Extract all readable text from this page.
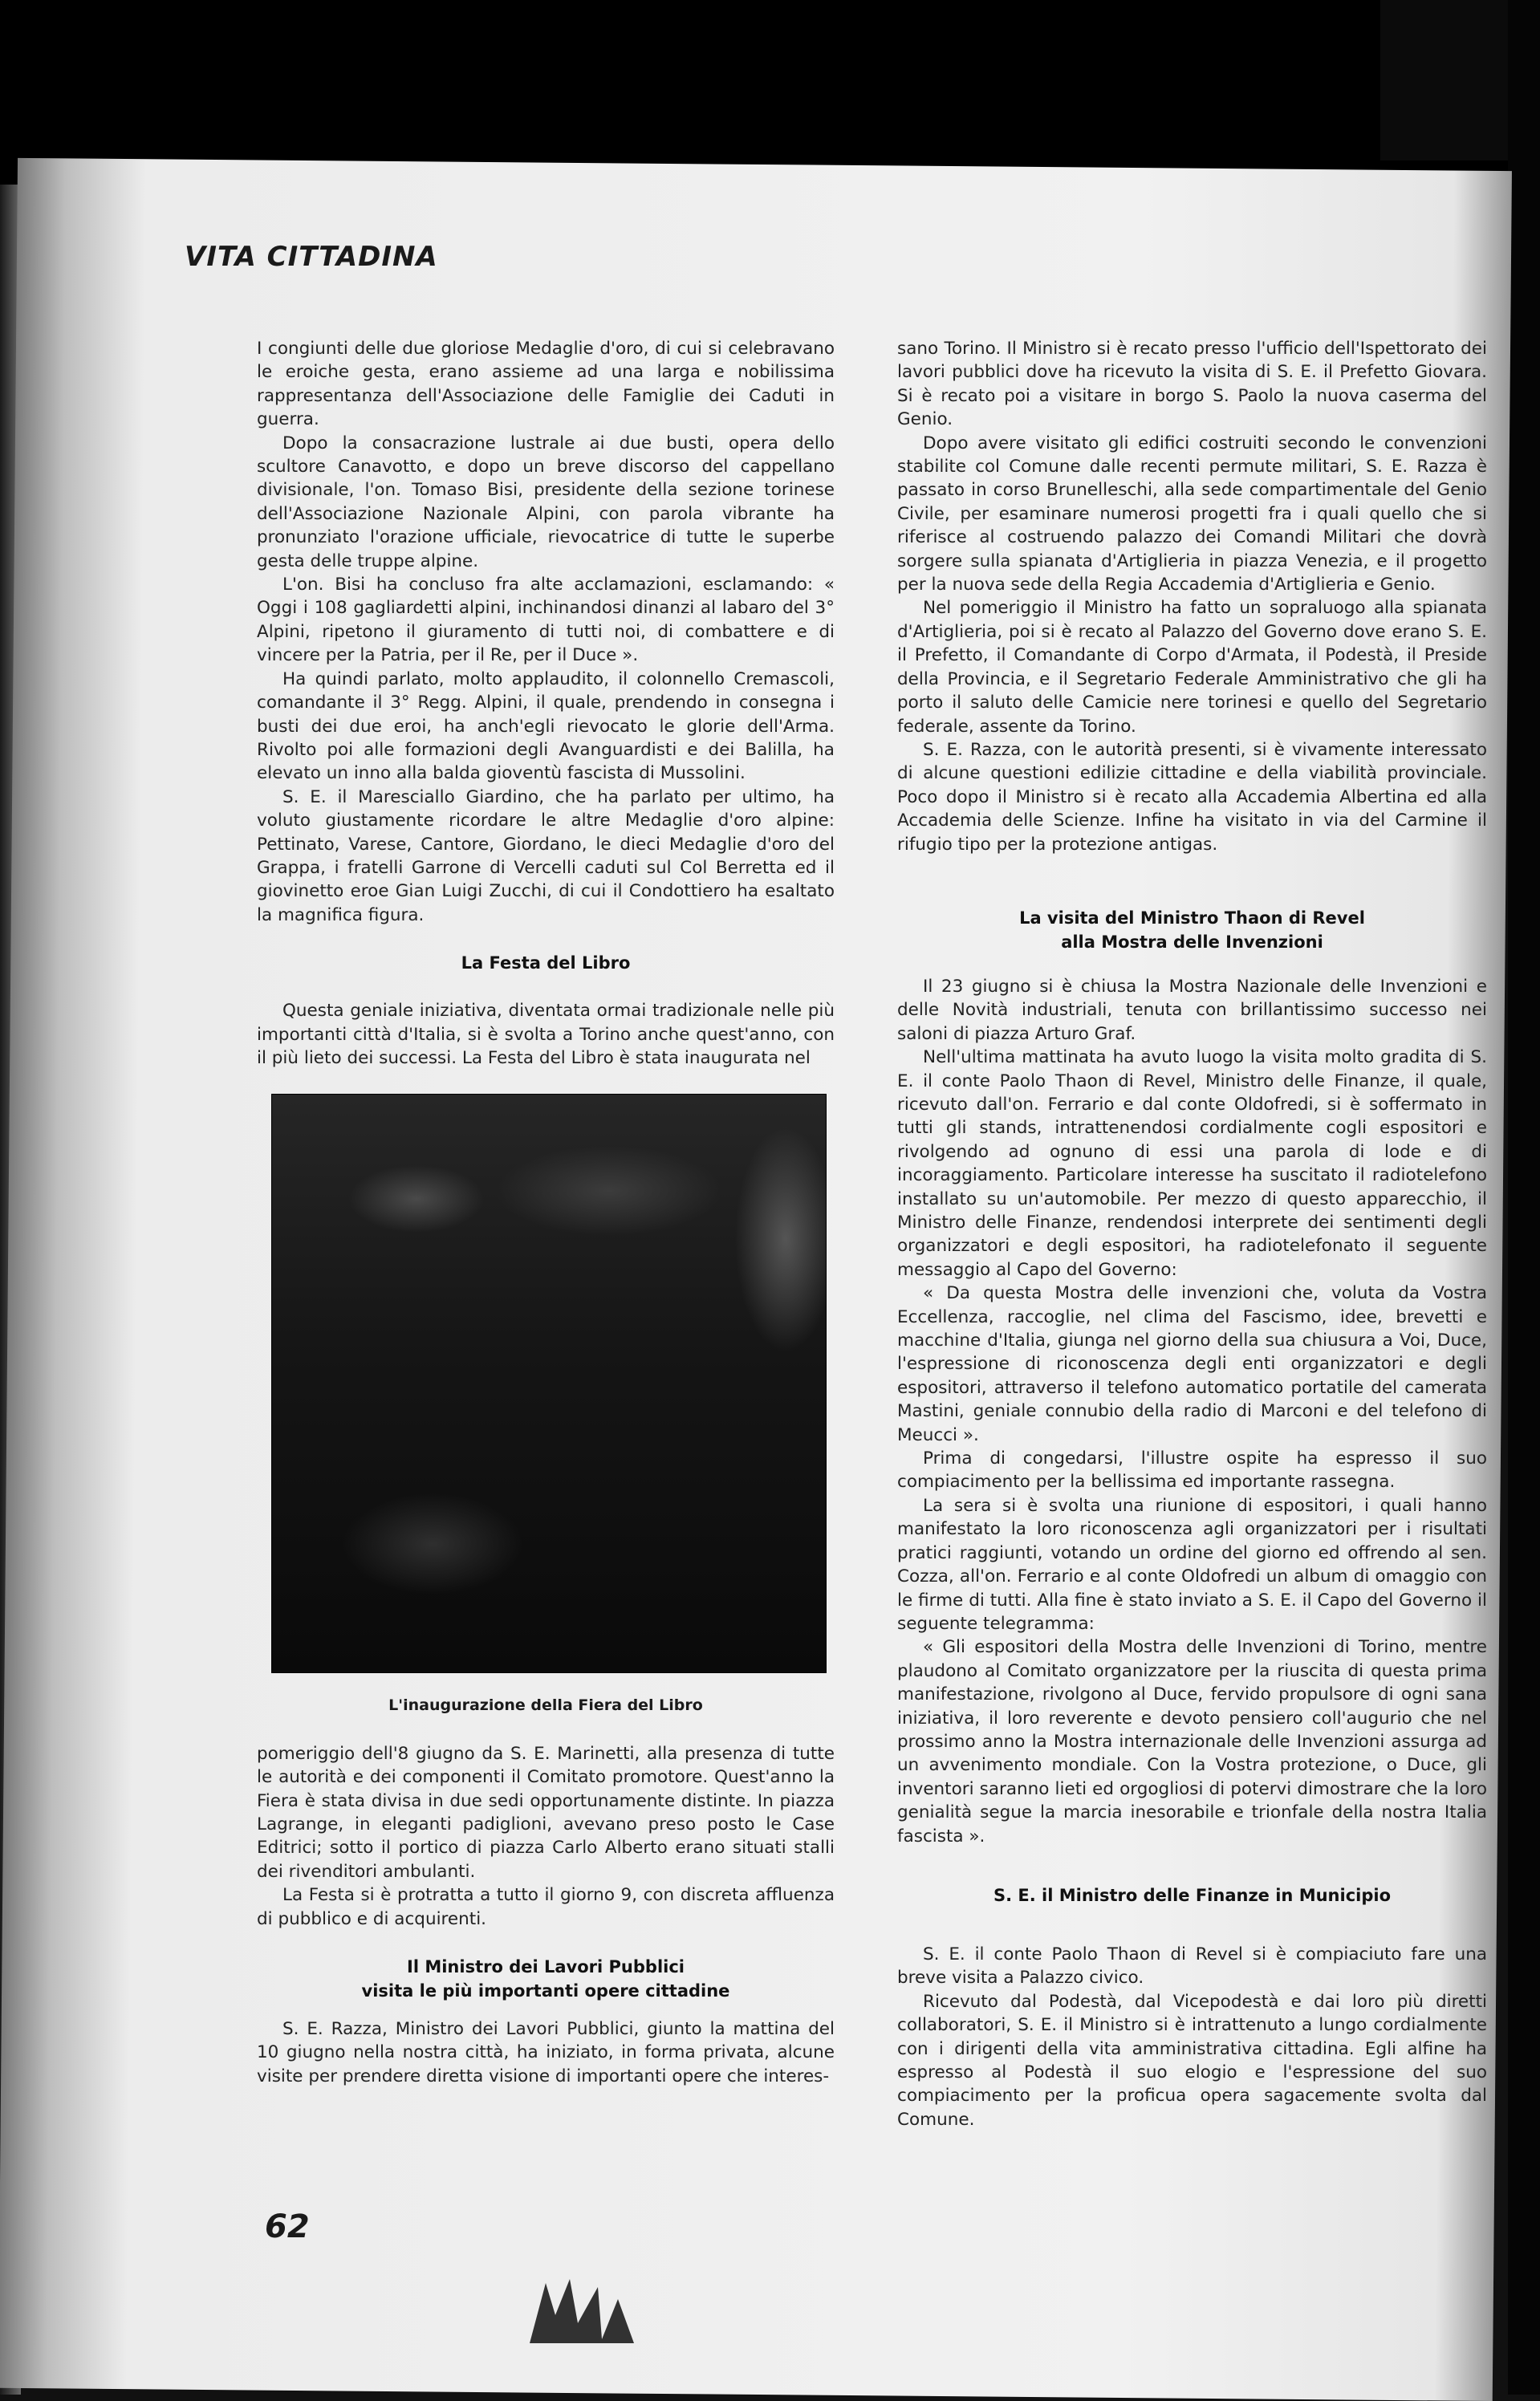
VITA CITTADINA

I congiunti delle due gloriose Medaglie d'oro, di cui si celebravano le eroiche gesta, erano assieme ad una larga e nobilissima rappresentanza dell'Associazione delle Famiglie dei Caduti in guerra.

Dopo la consacrazione lustrale ai due busti, opera dello scultore Canavotto, e dopo un breve discorso del cappellano divisionale, l'on. Tomaso Bisi, presidente della sezione torinese dell'Associazione Nazionale Alpini, con parola vibrante ha pronunziato l'orazione ufficiale, rievocatrice di tutte le superbe gesta delle truppe alpine.

L'on. Bisi ha concluso fra alte acclamazioni, esclamando: « Oggi i 108 gagliardetti alpini, inchinandosi dinanzi al labaro del 3° Alpini, ripetono il giuramento di tutti noi, di combattere e di vincere per la Patria, per il Re, per il Duce ».

Ha quindi parlato, molto applaudito, il colonnello Cremascoli, comandante il 3° Regg. Alpini, il quale, prendendo in consegna i busti dei due eroi, ha anch'egli rievocato le glorie dell'Arma. Rivolto poi alle formazioni degli Avanguardisti e dei Balilla, ha elevato un inno alla balda gioventù fascista di Mussolini.

S. E. il Maresciallo Giardino, che ha parlato per ultimo, ha voluto giustamente ricordare le altre Medaglie d'oro alpine: Pettinato, Varese, Cantore, Giordano, le dieci Medaglie d'oro del Grappa, i fratelli Garrone di Vercelli caduti sul Col Berretta ed il giovinetto eroe Gian Luigi Zucchi, di cui il Condottiero ha esaltato la magnifica figura.

La Festa del Libro

Questa geniale iniziativa, diventata ormai tradizionale nelle più importanti città d'Italia, si è svolta a Torino anche quest'anno, con il più lieto dei successi. La Festa del Libro è stata inaugurata nel

L'inaugurazione della Fiera del Libro

pomeriggio dell'8 giugno da S. E. Marinetti, alla presenza di tutte le autorità e dei componenti il Comitato promotore. Quest'anno la Fiera è stata divisa in due sedi opportunamente distinte. In piazza Lagrange, in eleganti padiglioni, avevano preso posto le Case Editrici; sotto il portico di piazza Carlo Alberto erano situati stalli dei rivenditori ambulanti.

La Festa si è protratta a tutto il giorno 9, con discreta affluenza di pubblico e di acquirenti.

Il Ministro dei Lavori Pubblici
visita le più importanti opere cittadine

S. E. Razza, Ministro dei Lavori Pubblici, giunto la mattina del 10 giugno nella nostra città, ha iniziato, in forma privata, alcune visite per prendere diretta visione di importanti opere che interes-

sano Torino. Il Ministro si è recato presso l'ufficio dell'Ispettorato dei lavori pubblici dove ha ricevuto la visita di S. E. il Prefetto Giovara. Si è recato poi a visitare in borgo S. Paolo la nuova caserma del Genio.

Dopo avere visitato gli edifici costruiti secondo le convenzioni stabilite col Comune dalle recenti permute militari, S. E. Razza è passato in corso Brunelleschi, alla sede compartimentale del Genio Civile, per esaminare numerosi progetti fra i quali quello che si riferisce al costruendo palazzo dei Comandi Militari che dovrà sorgere sulla spianata d'Artiglieria in piazza Venezia, e il progetto per la nuova sede della Regia Accademia d'Artiglieria e Genio.

Nel pomeriggio il Ministro ha fatto un sopraluogo alla spianata d'Artiglieria, poi si è recato al Palazzo del Governo dove erano S. E. il Prefetto, il Comandante di Corpo d'Armata, il Podestà, il Preside della Provincia, e il Segretario Federale Amministrativo che gli ha porto il saluto delle Camicie nere torinesi e quello del Segretario federale, assente da Torino.

S. E. Razza, con le autorità presenti, si è vivamente interessato di alcune questioni edilizie cittadine e della viabilità provinciale. Poco dopo il Ministro si è recato alla Accademia Albertina ed alla Accademia delle Scienze. Infine ha visitato in via del Carmine il rifugio tipo per la protezione antigas.

La visita del Ministro Thaon di Revel
alla Mostra delle Invenzioni

Il 23 giugno si è chiusa la Mostra Nazionale delle Invenzioni e delle Novità industriali, tenuta con brillantissimo successo nei saloni di piazza Arturo Graf.

Nell'ultima mattinata ha avuto luogo la visita molto gradita di S. E. il conte Paolo Thaon di Revel, Ministro delle Finanze, il quale, ricevuto dall'on. Ferrario e dal conte Oldofredi, si è soffermato in tutti gli stands, intrattenendosi cordialmente cogli espositori e rivolgendo ad ognuno di essi una parola di lode e di incoraggiamento. Particolare interesse ha suscitato il radiotelefono installato su un'automobile. Per mezzo di questo apparecchio, il Ministro delle Finanze, rendendosi interprete dei sentimenti degli organizzatori e degli espositori, ha radiotelefonato il seguente messaggio al Capo del Governo:

« Da questa Mostra delle invenzioni che, voluta da Vostra Eccellenza, raccoglie, nel clima del Fascismo, idee, brevetti e macchine d'Italia, giunga nel giorno della sua chiusura a Voi, Duce, l'espressione di riconoscenza degli enti organizzatori e degli espositori, attraverso il telefono automatico portatile del camerata Mastini, geniale connubio della radio di Marconi e del telefono di Meucci ».

Prima di congedarsi, l'illustre ospite ha espresso il suo compiacimento per la bellissima ed importante rassegna.

La sera si è svolta una riunione di espositori, i quali hanno manifestato la loro riconoscenza agli organizzatori per i risultati pratici raggiunti, votando un ordine del giorno ed offrendo al sen. Cozza, all'on. Ferrario e al conte Oldofredi un album di omaggio con le firme di tutti. Alla fine è stato inviato a S. E. il Capo del Governo il seguente telegramma:

« Gli espositori della Mostra delle Invenzioni di Torino, mentre plaudono al Comitato organizzatore per la riuscita di questa prima manifestazione, rivolgono al Duce, fervido propulsore di ogni sana iniziativa, il loro reverente e devoto pensiero coll'augurio che nel prossimo anno la Mostra internazionale delle Invenzioni assurga ad un avvenimento mondiale. Con la Vostra protezione, o Duce, gli inventori saranno lieti ed orgogliosi di potervi dimostrare che la loro genialità segue la marcia inesorabile e trionfale della nostra Italia fascista ».

S. E. il Ministro delle Finanze in Municipio

S. E. il conte Paolo Thaon di Revel si è compiaciuto fare una breve visita a Palazzo civico.

Ricevuto dal Podestà, dal Vicepodestà e dai loro più diretti collaboratori, S. E. il Ministro si è intrattenuto a lungo cordialmente con i dirigenti della vita amministrativa cittadina. Egli alfine ha espresso al Podestà il suo elogio e l'espressione del suo compiacimento per la proficua opera sagacemente svolta dal Comune.

62
